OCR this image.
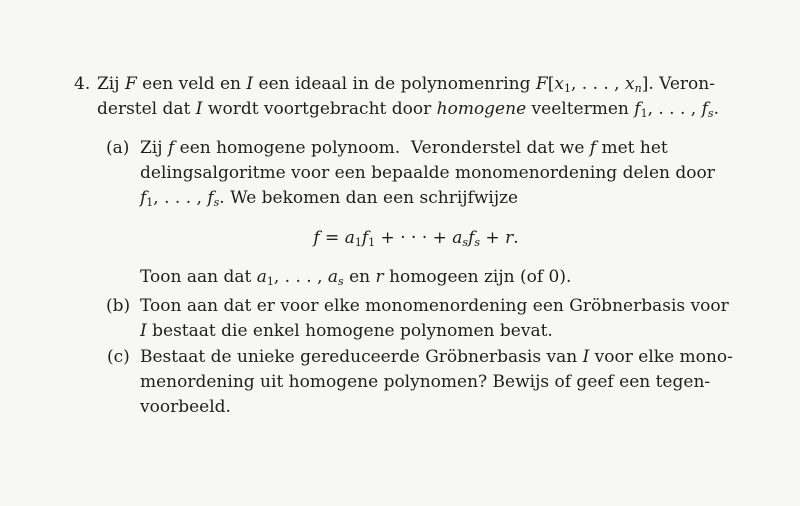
4. Zij F een veld en I een ideaal in de polynomenring $F[x_1$, . . . , $x_n$]. Veron-
derstel dat I wordt voortgebracht door homogene veeltermen $f_1$, . . . , $f_s$.
(a) Zij f een homogene polynoom.  Veronderstel dat we f met het
delingsalgoritme voor een bepaalde monomenordening delen door
$f_1$, . . . , $f_s$. We bekomen dan een schrijfwijze
$f = a_1f_1$ + · · · + $a_sf_s + r$.
Toon aan dat $a_1$, . . . , $a_s$ en r homogeen zijn (of 0).
(b) Toon aan dat er voor elke monomenordening een Gröbnerbasis voor
I bestaat die enkel homogene polynomen bevat.
(c) Bestaat de unieke gereduceerde Gröbnerbasis van I voor elke mono-
menordening uit homogene polynomen? Bewijs of geef een tegen-
voorbeeld.
